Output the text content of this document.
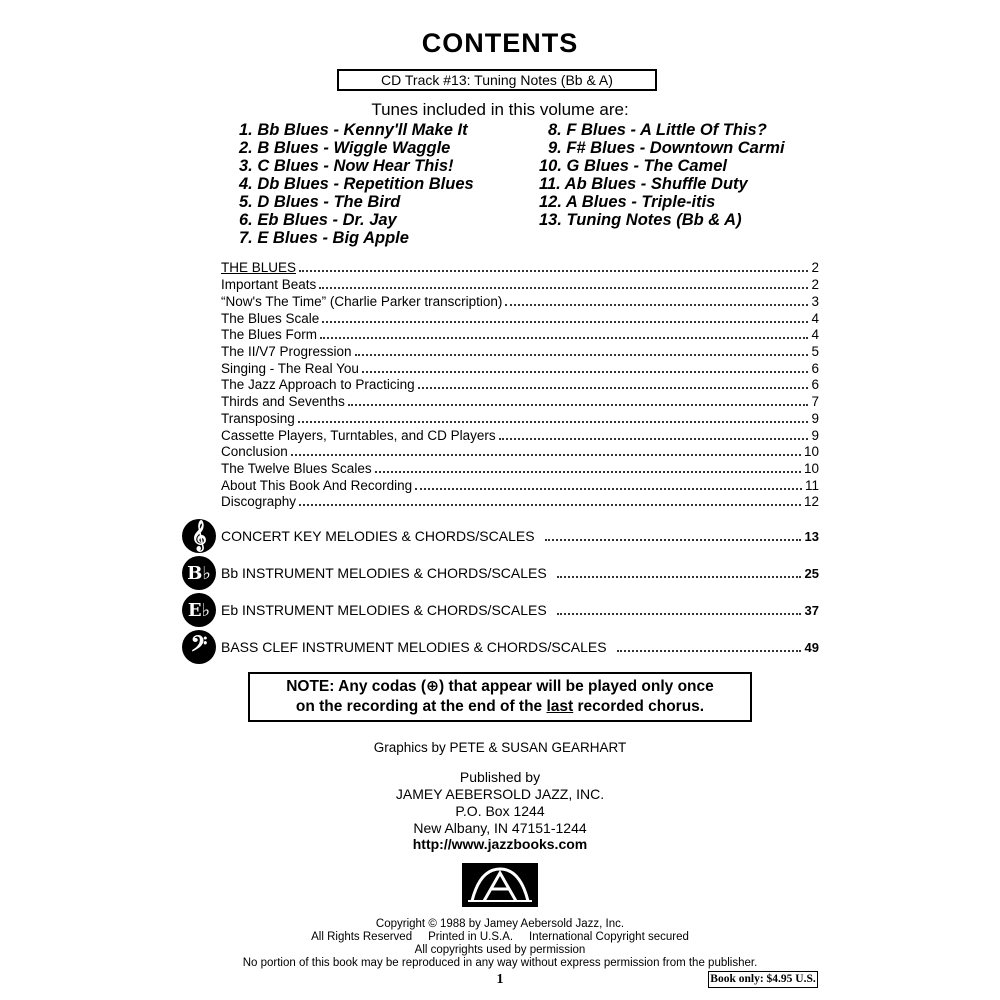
CONTENTS
CD Track #13: Tuning Notes (Bb & A)
Tunes included in this volume are:
1. Bb Blues - Kenny'll Make It
2. B Blues - Wiggle Waggle
3. C Blues - Now Hear This!
4. Db Blues - Repetition Blues
5. D Blues - The Bird
6. Eb Blues - Dr. Jay
7. E Blues - Big Apple
8. F Blues - A Little Of This?
9. F# Blues - Downtown Carmi
10. G Blues - The Camel
11. Ab Blues - Shuffle Duty
12. A Blues - Triple-itis
13. Tuning Notes (Bb & A)
THE BLUES	2
Important Beats	2
“Now's The Time” (Charlie Parker transcription)	3
The Blues Scale	4
The Blues Form	4
The II/V7 Progression	5
Singing - The Real You	6
The Jazz Approach to Practicing	6
Thirds and Sevenths	7
Transposing	9
Cassette Players, Turntables, and CD Players	9
Conclusion	10
The Twelve Blues Scales	10
About This Book And Recording	11
Discography	12
𝄞	CONCERT KEY MELODIES & CHORDS/SCALES	13
B♭ Bb INSTRUMENT MELODIES & CHORDS/SCALES	25
E♭ Eb INSTRUMENT MELODIES & CHORDS/SCALES	37
𝄢 BASS CLEF INSTRUMENT MELODIES & CHORDS/SCALES	49
NOTE: Any codas (⊕) that appear will be played only once
on the recording at the end of the last recorded chorus.
Graphics by PETE & SUSAN GEARHART
Published by
JAMEY AEBERSOLD JAZZ, INC.
P.O. Box 1244
New Albany, IN 47151-1244
http://www.jazzbooks.com
Copyright © 1988 by Jamey Aebersold Jazz, Inc.
All Rights Reserved     Printed in U.S.A.     International Copyright secured
All copyrights used by permission
No portion of this book may be reproduced in any way without express permission from the publisher.
1	Book only: $4.95 U.S.
